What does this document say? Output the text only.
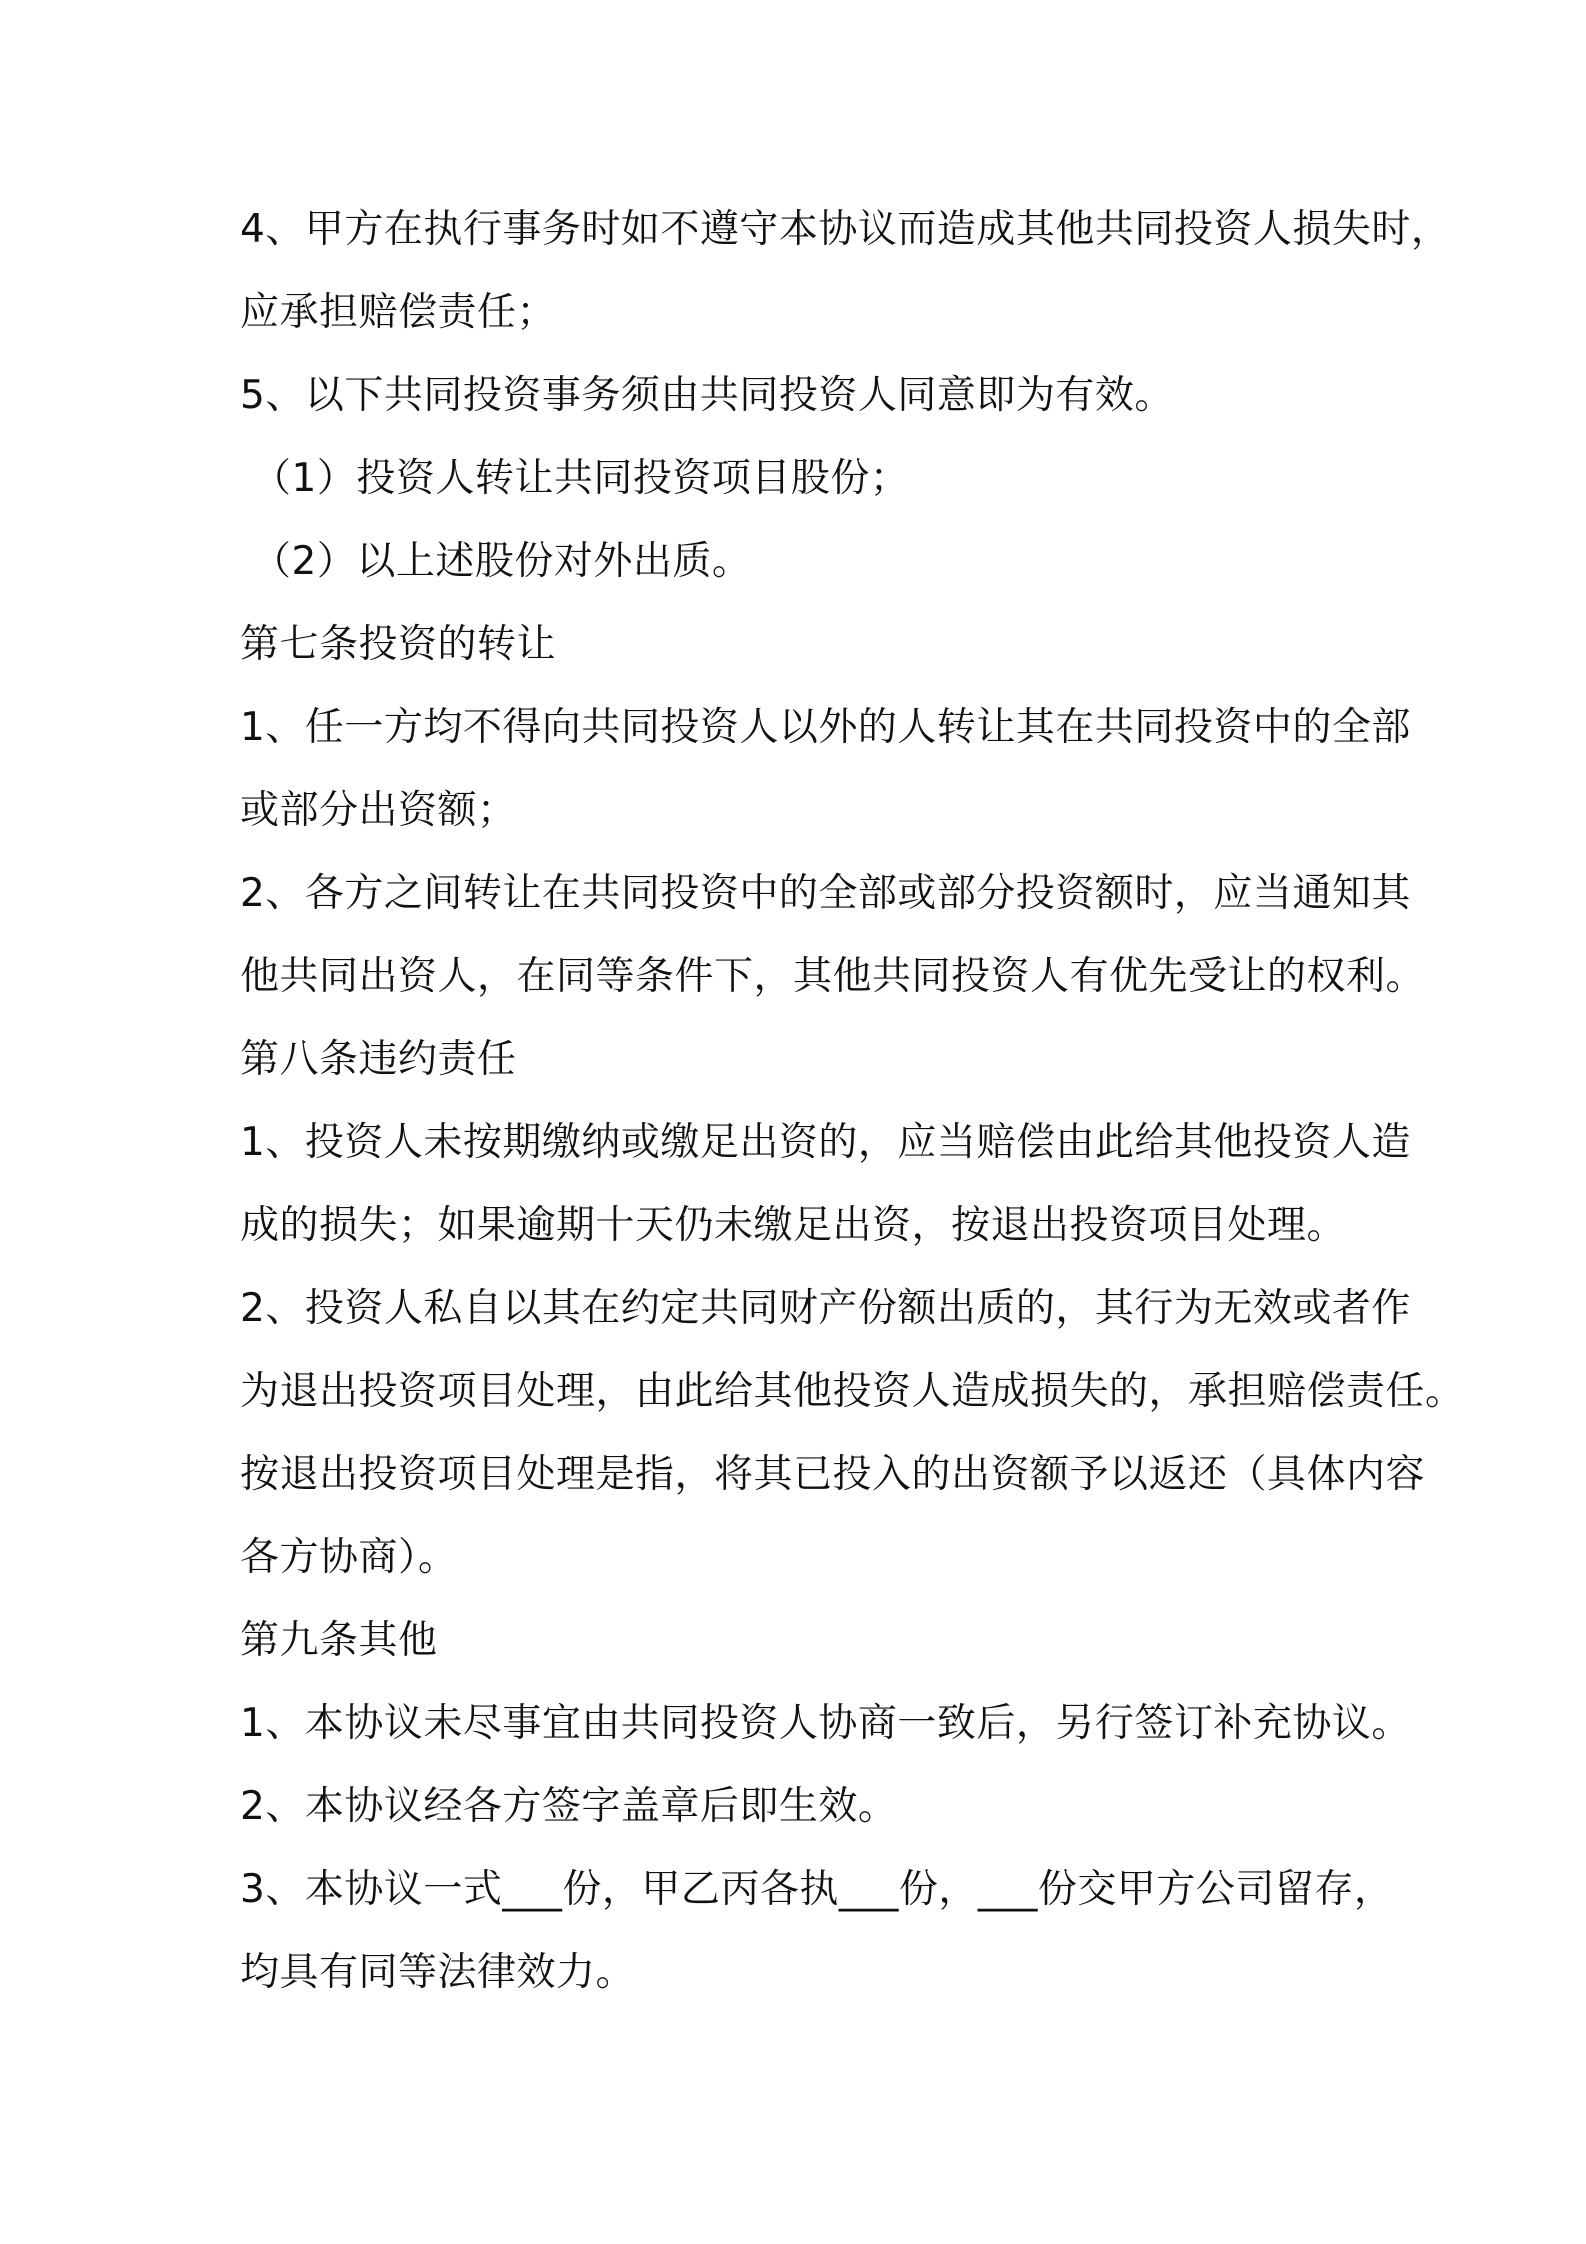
4、甲方在执行事务时如不遵守本协议而造成其他共同投资人损失时，
应承担赔偿责任；
5、以下共同投资事务须由共同投资人同意即为有效。
（1）投资人转让共同投资项目股份；
（2）以上述股份对外出质。
第七条投资的转让
1、任一方均不得向共同投资人以外的人转让其在共同投资中的全部
或部分出资额；
2、各方之间转让在共同投资中的全部或部分投资额时，应当通知其
他共同出资人，在同等条件下，其他共同投资人有优先受让的权利。
第八条违约责任
1、投资人未按期缴纳或缴足出资的，应当赔偿由此给其他投资人造
成的损失；如果逾期十天仍未缴足出资，按退出投资项目处理。
2、投资人私自以其在约定共同财产份额出质的，其行为无效或者作
为退出投资项目处理，由此给其他投资人造成损失的，承担赔偿责任。
按退出投资项目处理是指，将其已投入的出资额予以返还（具体内容
各方协商）。
第九条其他
1、本协议未尽事宜由共同投资人协商一致后，另行签订补充协议。
2、本协议经各方签字盖章后即生效。
3、本协议一式___份，甲乙丙各执___份，___份交甲方公司留存，
均具有同等法律效力。
